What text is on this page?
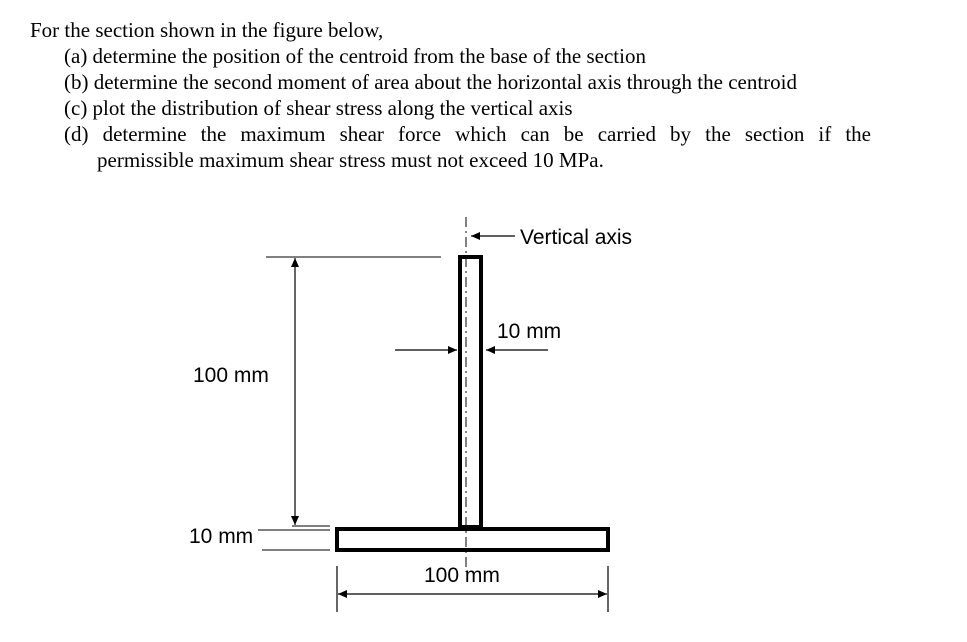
For the section shown in the figure below,
(a) determine the position of the centroid from the base of the section
(b) determine the second moment of area about the horizontal axis through the centroid
(c) plot the distribution of shear stress along the vertical axis
(d) determine the maximum shear force which can be carried by the section if the
permissible maximum shear stress must not exceed 10 MPa.
Vertical axis
10 mm
100 mm
10 mm
100 mm
